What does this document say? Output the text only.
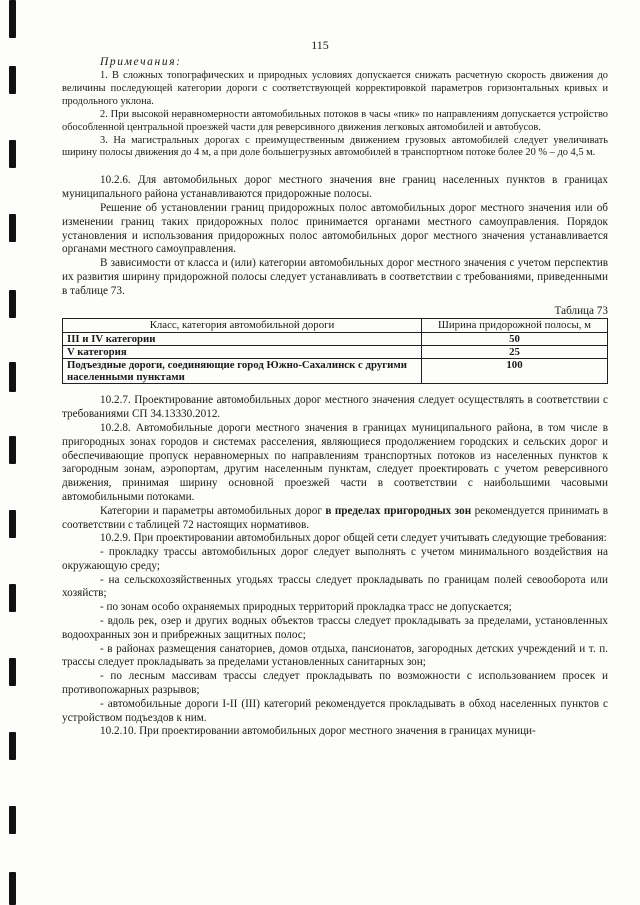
115
Примечания:

1. В сложных топографических и природных условиях допускается снижать расчетную скорость движения до величины последующей категории дороги с соответствующей корректировкой параметров горизонтальных кривых и продольного уклона.

2. При высокой неравномерности автомобильных потоков в часы «пик» по направлениям допускается устройство обособленной центральной проезжей части для реверсивного движения легковых автомобилей и автобусов.

3. На магистральных дорогах с преимущественным движением грузовых автомобилей следует увеличивать ширину полосы движения до 4 м, а при доле большегрузных автомобилей в транспортном потоке более 20 % – до 4,5 м.

10.2.6. Для автомобильных дорог местного значения вне границ населенных пунктов в границах муниципального района устанавливаются придорожные полосы.

Решение об установлении границ придорожных полос автомобильных дорог местного значения или об изменении границ таких придорожных полос принимается органами местного самоуправления. Порядок установления и использования придорожных полос автомобильных дорог местного значения устанавливается органами местного самоуправления.

В зависимости от класса и (или) категории автомобильных дорог местного значения с учетом перспектив их развития ширину придорожной полосы следует устанавливать в соответствии с требованиями, приведенными в таблице 73.

Таблица 73
Класс, категория автомобильной дороги	Ширина придорожной полосы, м
III и IV категории	50
V категория	25
Подъездные дороги, соединяющие город Южно-Сахалинск с другими населенными пунктами	100

10.2.7. Проектирование автомобильных дорог местного значения следует осуществлять в соответствии с требованиями СП 34.13330.2012.

10.2.8. Автомобильные дороги местного значения в границах муниципального района, в том числе в пригородных зонах городов и системах расселения, являющиеся продолжением городских и сельских дорог и обеспечивающие пропуск неравномерных по направлениям транспортных потоков из населенных пунктов к загородным зонам, аэропортам, другим населенным пунктам, следует проектировать с учетом реверсивного движения, принимая ширину основной проезжей части в соответствии с наибольшими часовыми автомобильными потоками.

Категории и параметры автомобильных дорог в пределах пригородных зон рекомендуется принимать в соответствии с таблицей 72 настоящих нормативов.

10.2.9. При проектировании автомобильных дорог общей сети следует учитывать следующие требования:

- прокладку трассы автомобильных дорог следует выполнять с учетом минимального воздействия на окружающую среду;

- на сельскохозяйственных угодьях трассы следует прокладывать по границам полей севооборота или хозяйств;

- по зонам особо охраняемых природных территорий прокладка трасс не допускается;

- вдоль рек, озер и других водных объектов трассы следует прокладывать за пределами, установленных водоохранных зон и прибрежных защитных полос;

- в районах размещения санаториев, домов отдыха, пансионатов, загородных детских учреждений и т. п. трассы следует прокладывать за пределами установленных санитарных зон;

- по лесным массивам трассы следует прокладывать по возможности с использованием просек и противопожарных разрывов;

- автомобильные дороги I-II (III) категорий рекомендуется прокладывать в обход населенных пунктов с устройством подъездов к ним.

10.2.10. При проектировании автомобильных дорог местного значения в границах муници-
